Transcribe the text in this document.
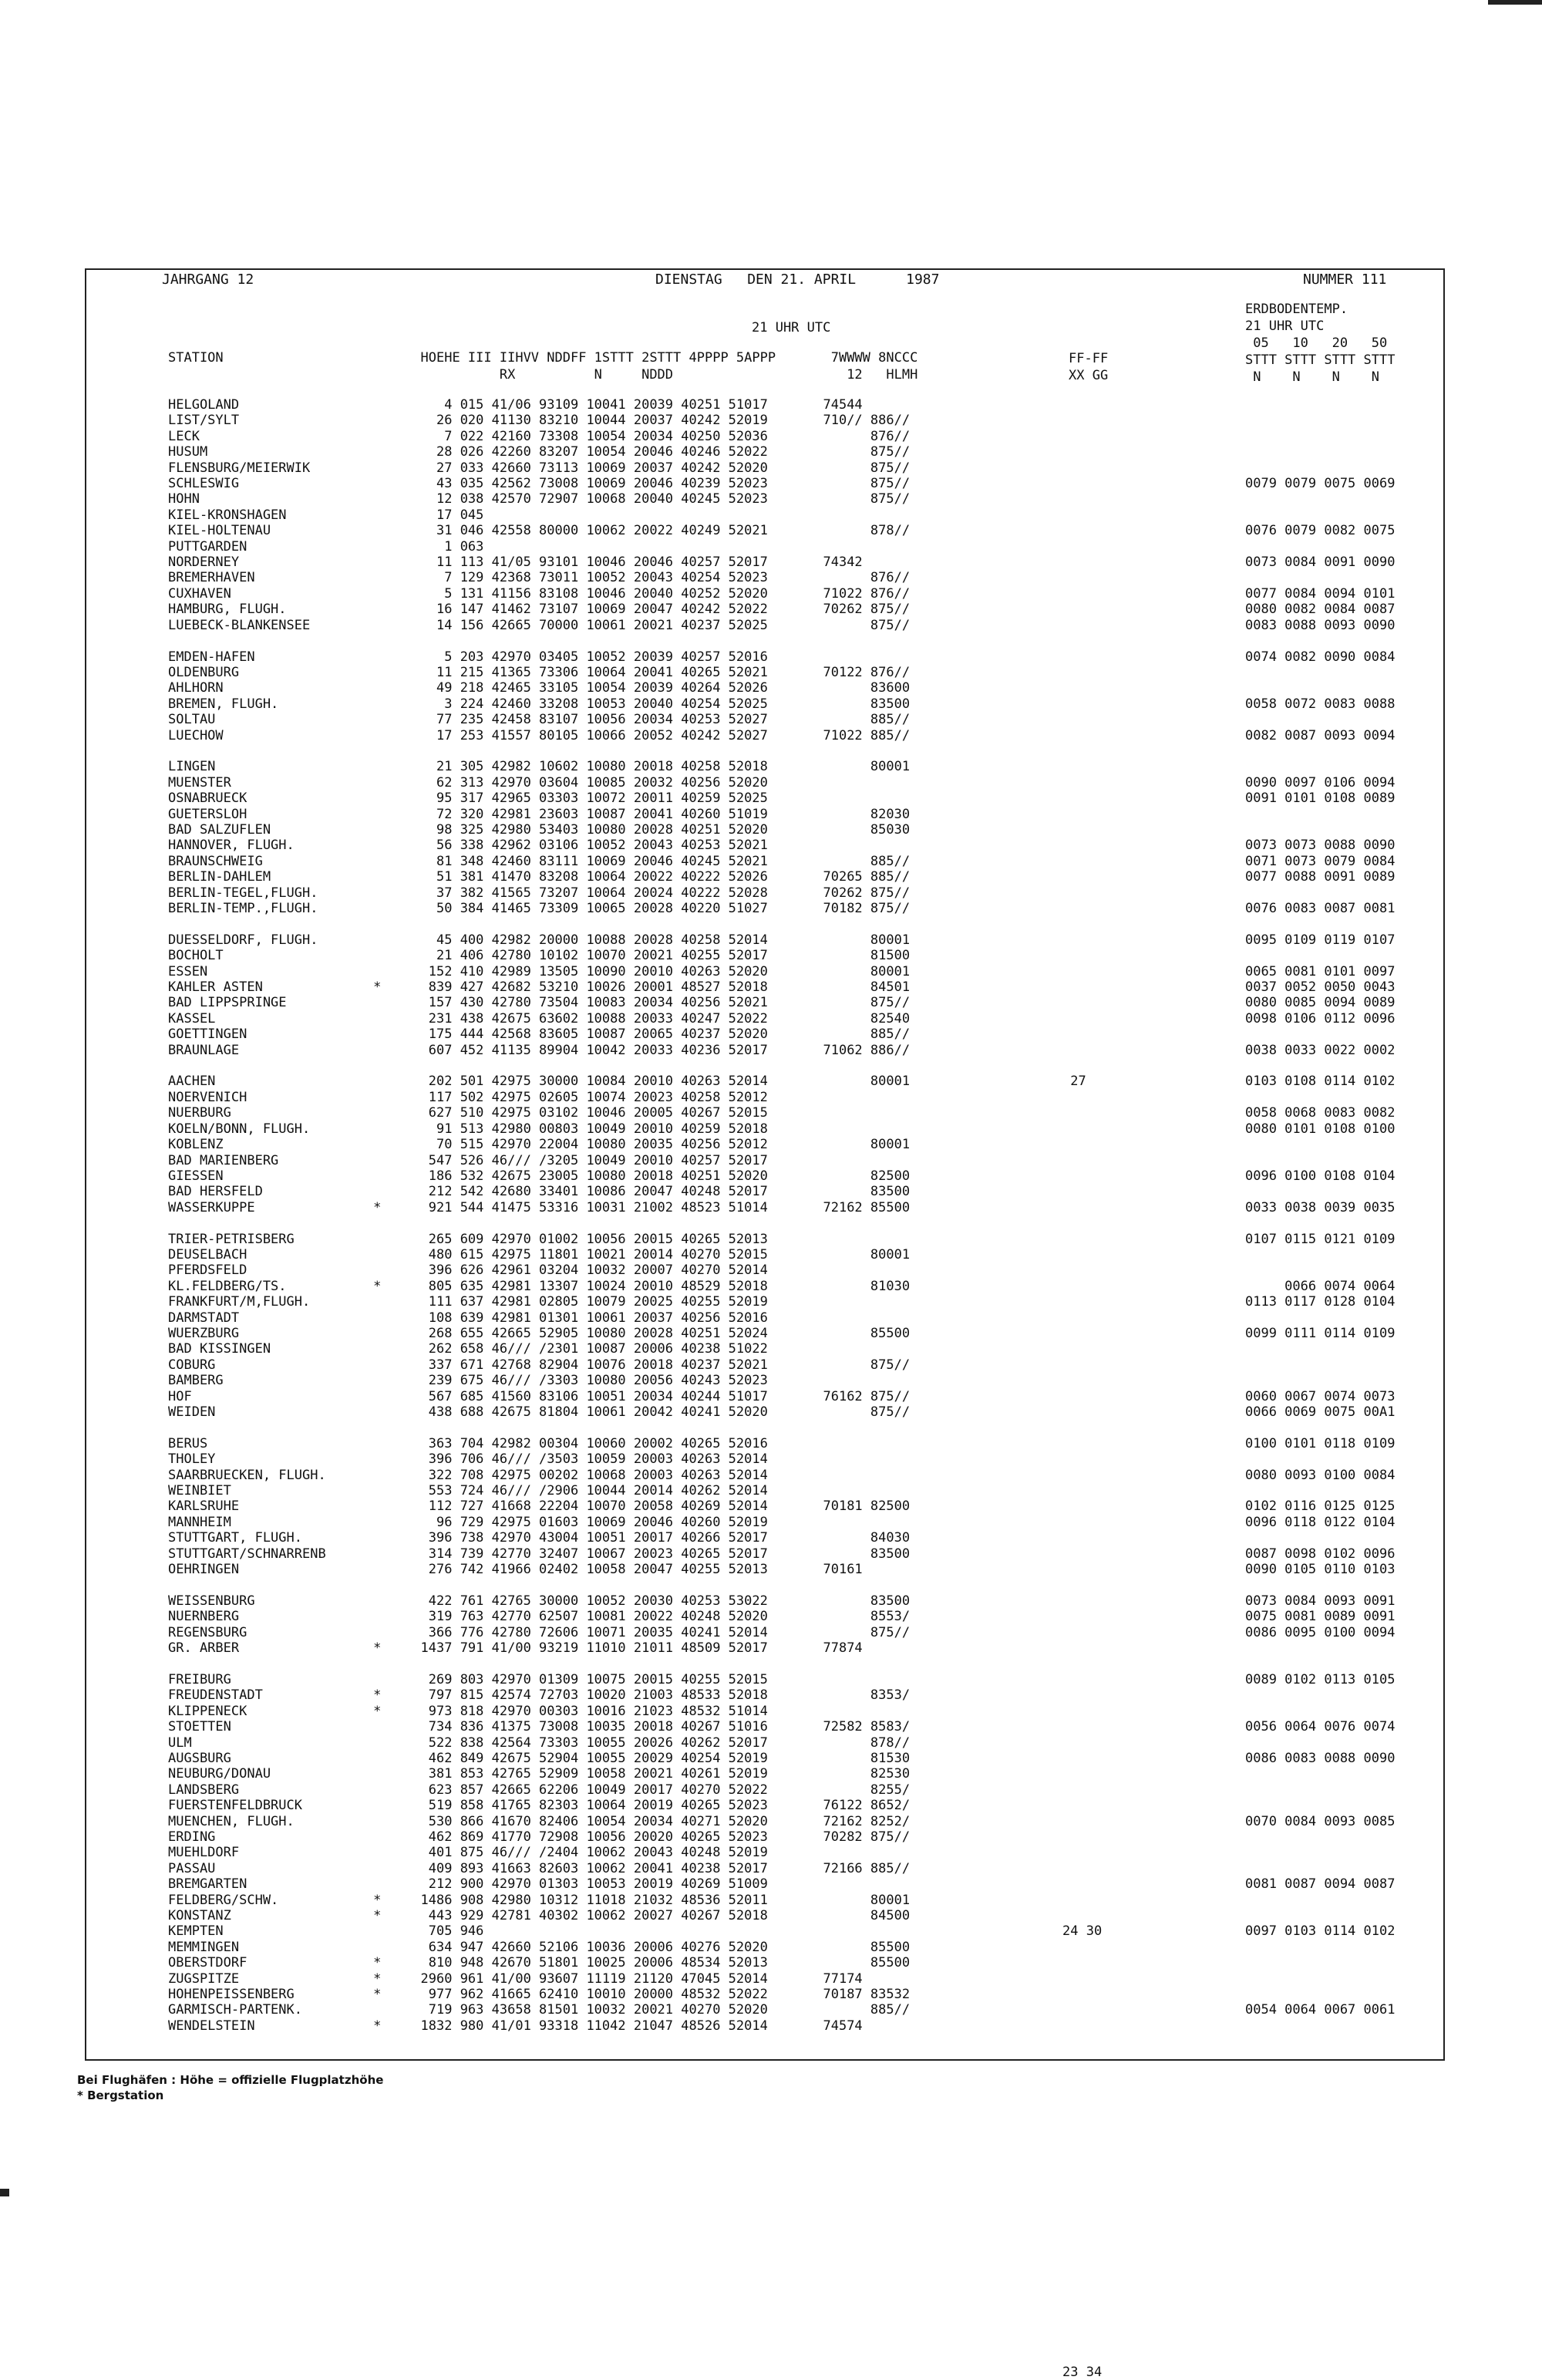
JAHRGANG 12	DIENSTAG   DEN 21. APRIL      1987	NUMMER 111
21 UHR UTC
ERDBODENTEMP.
21 UHR UTC
05   10   20   50
STTT STTT STTT STTT
N    N    N    N
STATION                         HOEHE III IIHVV NDDFF 1STTT 2STTT 4PPPP 5APPP       7WWWW 8NCCC
RX          N     NDDD                      12   HLMH
FF-FF
XX GG
HELGOLAND                          4 015 41/06 93109 10041 20039 40251 51017       74544
LIST/SYLT                         26 020 41130 83210 10044 20037 40242 52019       710// 886//
LECK                               7 022 42160 73308 10054 20034 40250 52036             876//
HUSUM                             28 026 42260 83207 10054 20046 40246 52022             875//
FLENSBURG/MEIERWIK                27 033 42660 73113 10069 20037 40242 52020             875//
SCHLESWIG                         43 035 42562 73008 10069 20046 40239 52023             875//
HOHN                              12 038 42570 72907 10068 20040 40245 52023             875//
KIEL-KRONSHAGEN                   17 045
KIEL-HOLTENAU                     31 046 42558 80000 10062 20022 40249 52021             878//
PUTTGARDEN                         1 063
NORDERNEY                         11 113 41/05 93101 10046 20046 40257 52017       74342
BREMERHAVEN                        7 129 42368 73011 10052 20043 40254 52023             876//
CUXHAVEN                           5 131 41156 83108 10046 20040 40252 52020       71022 876//
HAMBURG, FLUGH.                   16 147 41462 73107 10069 20047 40242 52022       70262 875//
LUEBECK-BLANKENSEE                14 156 42665 70000 10061 20021 40237 52025             875//

EMDEN-HAFEN                        5 203 42970 03405 10052 20039 40257 52016
OLDENBURG                         11 215 41365 73306 10064 20041 40265 52021       70122 876//
AHLHORN                           49 218 42465 33105 10054 20039 40264 52026             83600
BREMEN, FLUGH.                     3 224 42460 33208 10053 20040 40254 52025             83500
SOLTAU                            77 235 42458 83107 10056 20034 40253 52027             885//
LUECHOW                           17 253 41557 80105 10066 20052 40242 52027       71022 885//

LINGEN                            21 305 42982 10602 10080 20018 40258 52018             80001
MUENSTER                          62 313 42970 03604 10085 20032 40256 52020
OSNABRUECK                        95 317 42965 03303 10072 20011 40259 52025
GUETERSLOH                        72 320 42981 23603 10087 20041 40260 51019             82030
BAD SALZUFLEN                     98 325 42980 53403 10080 20028 40251 52020             85030
HANNOVER, FLUGH.                  56 338 42962 03106 10052 20043 40253 52021
BRAUNSCHWEIG                      81 348 42460 83111 10069 20046 40245 52021             885//
BERLIN-DAHLEM                     51 381 41470 83208 10064 20022 40222 52026       70265 885//
BERLIN-TEGEL,FLUGH.               37 382 41565 73207 10064 20024 40222 52028       70262 875//
BERLIN-TEMP.,FLUGH.               50 384 41465 73309 10065 20028 40220 51027       70182 875//

DUESSELDORF, FLUGH.               45 400 42982 20000 10088 20028 40258 52014             80001
BOCHOLT                           21 406 42780 10102 10070 20021 40255 52017             81500
ESSEN                            152 410 42989 13505 10090 20010 40263 52020             80001
KAHLER ASTEN              *      839 427 42682 53210 10026 20001 48527 52018             84501
BAD LIPPSPRINGE                  157 430 42780 73504 10083 20034 40256 52021             875//
KASSEL                           231 438 42675 63602 10088 20033 40247 52022             82540
GOETTINGEN                       175 444 42568 83605 10087 20065 40237 52020             885//
BRAUNLAGE                        607 452 41135 89904 10042 20033 40236 52017       71062 886//

AACHEN                           202 501 42975 30000 10084 20010 40263 52014             80001
NOERVENICH                       117 502 42975 02605 10074 20023 40258 52012
NUERBURG                         627 510 42975 03102 10046 20005 40267 52015
KOELN/BONN, FLUGH.                91 513 42980 00803 10049 20010 40259 52018
KOBLENZ                           70 515 42970 22004 10080 20035 40256 52012             80001
BAD MARIENBERG                   547 526 46/// /3205 10049 20010 40257 52017
GIESSEN                          186 532 42675 23005 10080 20018 40251 52020             82500
BAD HERSFELD                     212 542 42680 33401 10086 20047 40248 52017             83500
WASSERKUPPE               *      921 544 41475 53316 10031 21002 48523 51014       72162 85500

TRIER-PETRISBERG                 265 609 42970 01002 10056 20015 40265 52013
DEUSELBACH                       480 615 42975 11801 10021 20014 40270 52015             80001
PFERDSFELD                       396 626 42961 03204 10032 20007 40270 52014
KL.FELDBERG/TS.           *      805 635 42981 13307 10024 20010 48529 52018             81030
FRANKFURT/M,FLUGH.               111 637 42981 02805 10079 20025 40255 52019
DARMSTADT                        108 639 42981 01301 10061 20037 40256 52016
WUERZBURG                        268 655 42665 52905 10080 20028 40251 52024             85500
BAD KISSINGEN                    262 658 46/// /2301 10087 20006 40238 51022
COBURG                           337 671 42768 82904 10076 20018 40237 52021             875//
BAMBERG                          239 675 46/// /3303 10080 20056 40243 52023
HOF                              567 685 41560 83106 10051 20034 40244 51017       76162 875//
WEIDEN                           438 688 42675 81804 10061 20042 40241 52020             875//

BERUS                            363 704 42982 00304 10060 20002 40265 52016
THOLEY                           396 706 46/// /3503 10059 20003 40263 52014
SAARBRUECKEN, FLUGH.             322 708 42975 00202 10068 20003 40263 52014
WEINBIET                         553 724 46/// /2906 10044 20014 40262 52014
KARLSRUHE                        112 727 41668 22204 10070 20058 40269 52014       70181 82500
MANNHEIM                          96 729 42975 01603 10069 20046 40260 52019
STUTTGART, FLUGH.                396 738 42970 43004 10051 20017 40266 52017             84030
STUTTGART/SCHNARRENB             314 739 42770 32407 10067 20023 40265 52017             83500
OEHRINGEN                        276 742 41966 02402 10058 20047 40255 52013       70161

WEISSENBURG                      422 761 42765 30000 10052 20030 40253 53022             83500
NUERNBERG                        319 763 42770 62507 10081 20022 40248 52020             8553/
REGENSBURG                       366 776 42780 72606 10071 20035 40241 52014             875//
GR. ARBER                 *     1437 791 41/00 93219 11010 21011 48509 52017       77874

FREIBURG                         269 803 42970 01309 10075 20015 40255 52015
FREUDENSTADT              *      797 815 42574 72703 10020 21003 48533 52018             8353/
KLIPPENECK                *      973 818 42970 00303 10016 21023 48532 51014
STOETTEN                         734 836 41375 73008 10035 20018 40267 51016       72582 8583/
ULM                              522 838 42564 73303 10055 20026 40262 52017             878//
AUGSBURG                         462 849 42675 52904 10055 20029 40254 52019             81530
NEUBURG/DONAU                    381 853 42765 52909 10058 20021 40261 52019             82530
LANDSBERG                        623 857 42665 62206 10049 20017 40270 52022             8255/
FUERSTENFELDBRUCK                519 858 41765 82303 10064 20019 40265 52023       76122 8652/
MUENCHEN, FLUGH.                 530 866 41670 82406 10054 20034 40271 52020       72162 8252/
ERDING                           462 869 41770 72908 10056 20020 40265 52023       70282 875//
MUEHLDORF                        401 875 46/// /2404 10062 20043 40248 52019
PASSAU                           409 893 41663 82603 10062 20041 40238 52017       72166 885//
BREMGARTEN                       212 900 42970 01303 10053 20019 40269 51009
FELDBERG/SCHW.            *     1486 908 42980 10312 11018 21032 48536 52011             80001
KONSTANZ                  *      443 929 42781 40302 10062 20027 40267 52018             84500
KEMPTEN                          705 946
MEMMINGEN                        634 947 42660 52106 10036 20006 40276 52020             85500
OBERSTDORF                *      810 948 42670 51801 10025 20006 48534 52013             85500
ZUGSPITZE                 *     2960 961 41/00 93607 11119 21120 47045 52014       77174
HOHENPEISSENBERG          *      977 962 41665 62410 10010 20000 48532 52022       70187 83532
GARMISCH-PARTENK.                719 963 43658 81501 10032 20021 40270 52020             885//
WENDELSTEIN               *     1832 980 41/01 93318 11042 21047 48526 52014       74574

27

24 30

23 34

0079 0079 0075 0069

0076 0079 0082 0075

0073 0084 0091 0090

0077 0084 0094 0101
0080 0082 0084 0087
0083 0088 0093 0090

0074 0082 0090 0084

0058 0072 0083 0088

0082 0087 0093 0094

0090 0097 0106 0094
0091 0101 0108 0089

0073 0073 0088 0090
0071 0073 0079 0084
0077 0088 0091 0089

0076 0083 0087 0081

0095 0109 0119 0107

0065 0081 0101 0097
0037 0052 0050 0043
0080 0085 0094 0089
0098 0106 0112 0096

0038 0033 0022 0002

0103 0108 0114 0102

0058 0068 0083 0082
0080 0101 0108 0100

0096 0100 0108 0104

0033 0038 0039 0035

0107 0115 0121 0109

0066 0074 0064
0113 0117 0128 0104

0099 0111 0114 0109

0060 0067 0074 0073
0066 0069 0075 00A1

0100 0101 0118 0109

0080 0093 0100 0084

0102 0116 0125 0125
0096 0118 0122 0104

0087 0098 0102 0096
0090 0105 0110 0103

0073 0084 0093 0091
0075 0081 0089 0091
0086 0095 0100 0094

0089 0102 0113 0105

0056 0064 0076 0074

0086 0083 0088 0090

0070 0084 0093 0085

0081 0087 0094 0087

0097 0103 0114 0102

0054 0064 0067 0061
Bei Flughäfen : Höhe = offizielle Flugplatzhöhe
* Bergstation
